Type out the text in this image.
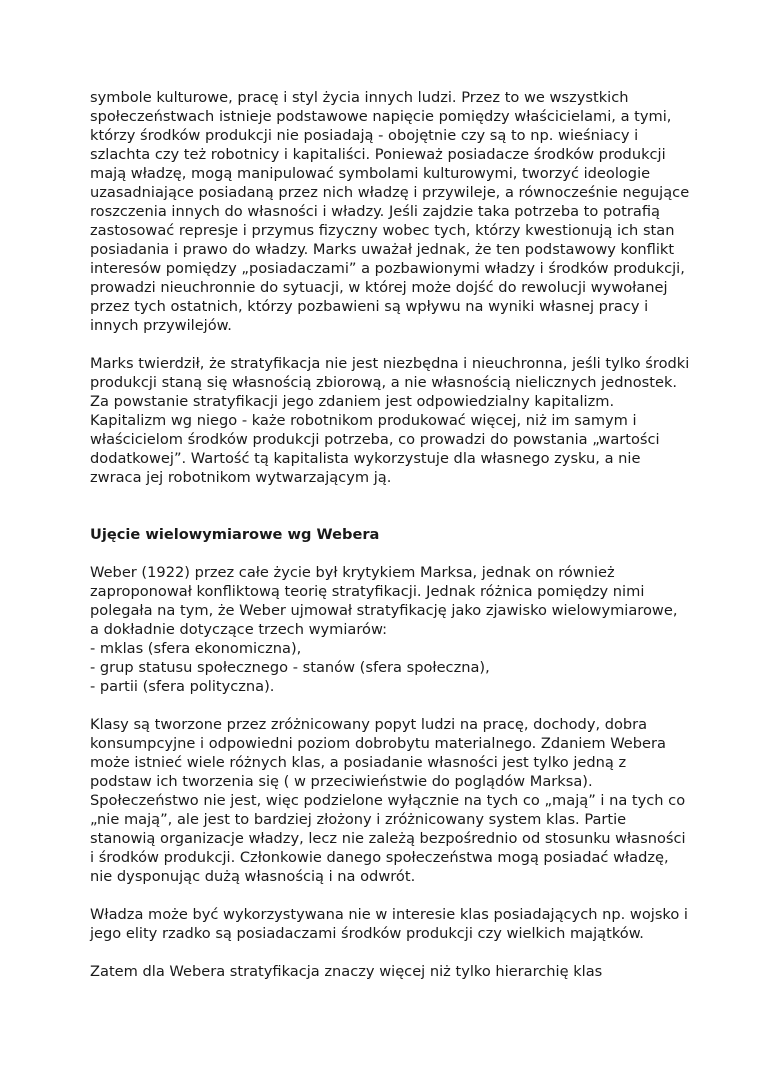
symbole kulturowe, pracę i styl życia innych ludzi. Przez to we wszystkich
społeczeństwach istnieje podstawowe napięcie pomiędzy właścicielami, a tymi,
którzy środków produkcji nie posiadają - obojętnie czy są to np. wieśniacy i
szlachta czy też robotnicy i kapitaliści. Ponieważ posiadacze środków produkcji
mają władzę, mogą manipulować symbolami kulturowymi, tworzyć ideologie
uzasadniające posiadaną przez nich władzę i przywileje, a równocześnie negujące
roszczenia innych do własności i władzy. Jeśli zajdzie taka potrzeba to potrafią
zastosować represje i przymus fizyczny wobec tych, którzy kwestionują ich stan
posiadania i prawo do władzy. Marks uważał jednak, że ten podstawowy konflikt
interesów pomiędzy „posiadaczami” a pozbawionymi władzy i środków produkcji,
prowadzi nieuchronnie do sytuacji, w której może dojść do rewolucji wywołanej
przez tych ostatnich, którzy pozbawieni są wpływu na wyniki własnej pracy i
innych przywilejów.

Marks twierdził, że stratyfikacja nie jest niezbędna i nieuchronna, jeśli tylko środki
produkcji staną się własnością zbiorową, a nie własnością nielicznych jednostek.
Za powstanie stratyfikacji jego zdaniem jest odpowiedzialny kapitalizm.
Kapitalizm wg niego - każe robotnikom produkować więcej, niż im samym i
właścicielom środków produkcji potrzeba, co prowadzi do powstania „wartości
dodatkowej”. Wartość tą kapitalista wykorzystuje dla własnego zysku, a nie
zwraca jej robotnikom wytwarzającym ją.

Ujęcie wielowymiarowe wg Webera

Weber (1922) przez całe życie był krytykiem Marksa, jednak on również
zaproponował konfliktową teorię stratyfikacji. Jednak różnica pomiędzy nimi
polegała na tym, że Weber ujmował stratyfikację jako zjawisko wielowymiarowe,
a dokładnie dotyczące trzech wymiarów:
- mklas (sfera ekonomiczna),
- grup statusu społecznego - stanów (sfera społeczna),
- partii (sfera polityczna).

Klasy są tworzone przez zróżnicowany popyt ludzi na pracę, dochody, dobra
konsumpcyjne i odpowiedni poziom dobrobytu materialnego. Zdaniem Webera
może istnieć wiele różnych klas, a posiadanie własności jest tylko jedną z
podstaw ich tworzenia się ( w przeciwieństwie do poglądów Marksa).
Społeczeństwo nie jest, więc podzielone wyłącznie na tych co „mają” i na tych co
„nie mają”, ale jest to bardziej złożony i zróżnicowany system klas. Partie
stanowią organizacje władzy, lecz nie zależą bezpośrednio od stosunku własności
i środków produkcji. Członkowie danego społeczeństwa mogą posiadać władzę,
nie dysponując dużą własnością i na odwrót.

Władza może być wykorzystywana nie w interesie klas posiadających np. wojsko i
jego elity rzadko są posiadaczami środków produkcji czy wielkich majątków.

Zatem dla Webera stratyfikacja znaczy więcej niż tylko hierarchię klas
